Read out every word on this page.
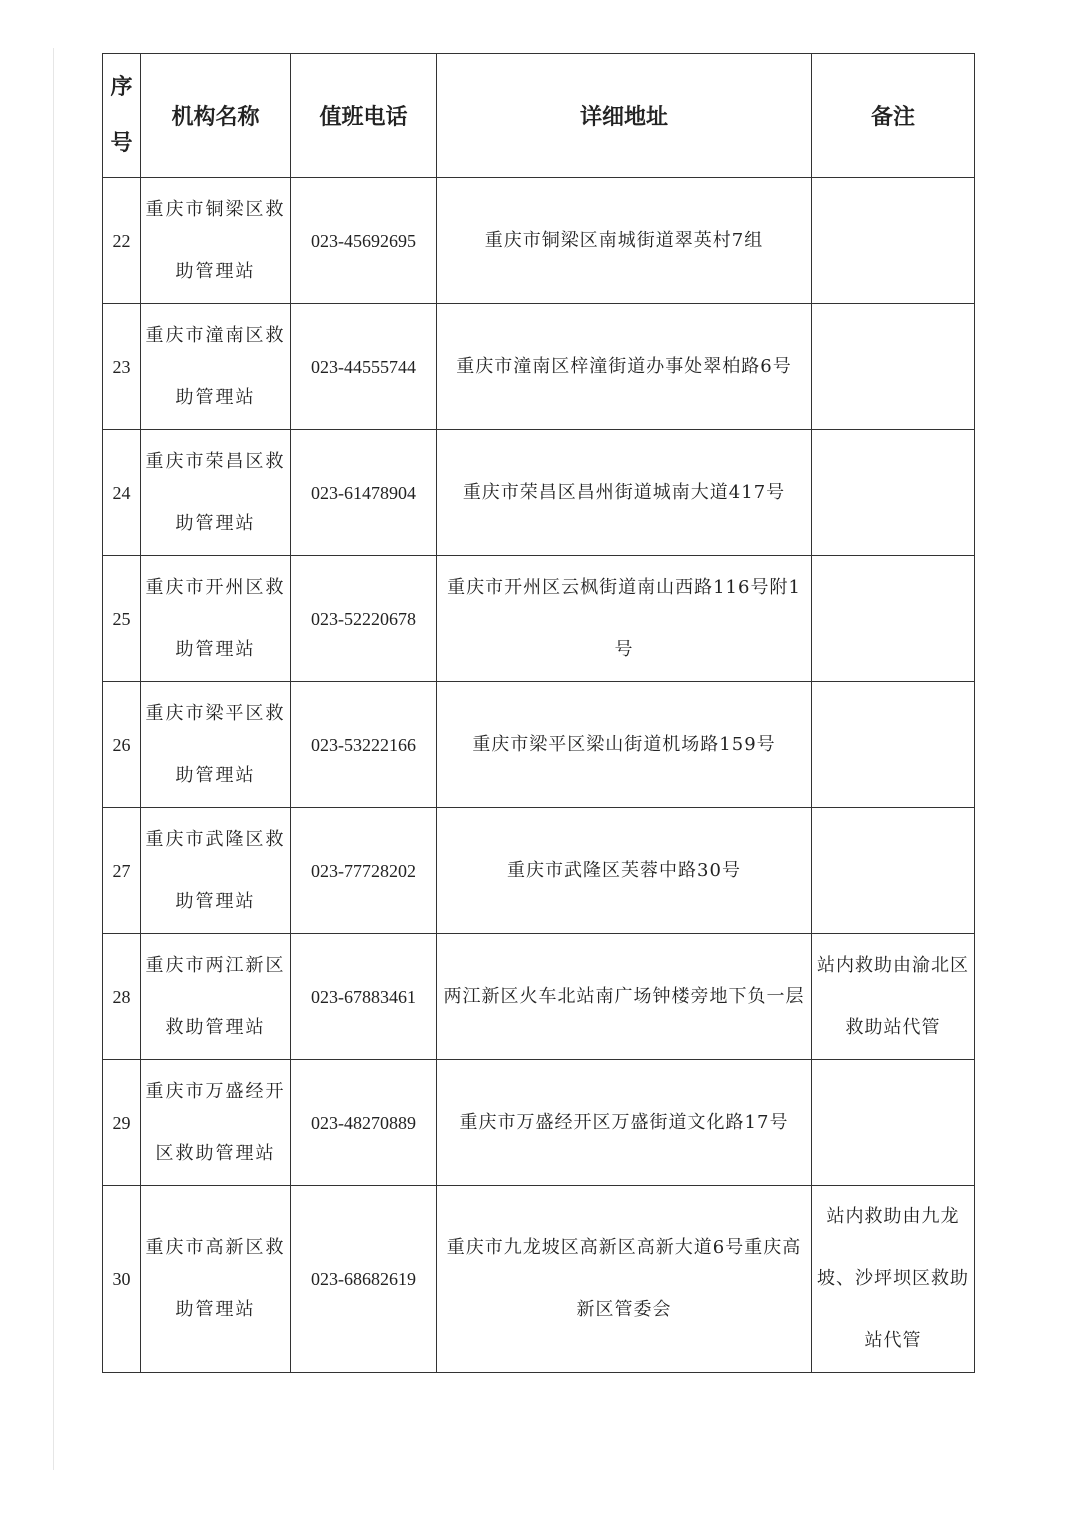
序号	机构名称	值班电话	详细地址	备注
22	重庆市铜梁区救助管理站	023-45692695	重庆市铜梁区南城街道翠英村7组	
23	重庆市潼南区救助管理站	023-44555744	重庆市潼南区梓潼街道办事处翠柏路6号	
24	重庆市荣昌区救助管理站	023-61478904	重庆市荣昌区昌州街道城南大道417号	
25	重庆市开州区救助管理站	023-52220678	重庆市开州区云枫街道南山西路116号附1号	
26	重庆市梁平区救助管理站	023-53222166	重庆市梁平区梁山街道机场路159号	
27	重庆市武隆区救助管理站	023-77728202	重庆市武隆区芙蓉中路30号	
28	重庆市两江新区救助管理站	023-67883461	两江新区火车北站南广场钟楼旁地下负一层	站内救助由渝北区救助站代管
29	重庆市万盛经开区救助管理站	023-48270889	重庆市万盛经开区万盛街道文化路17号	
30	重庆市高新区救助管理站	023-68682619	重庆市九龙坡区高新区高新大道6号重庆高新区管委会	站内救助由九龙坡、沙坪坝区救助站代管
